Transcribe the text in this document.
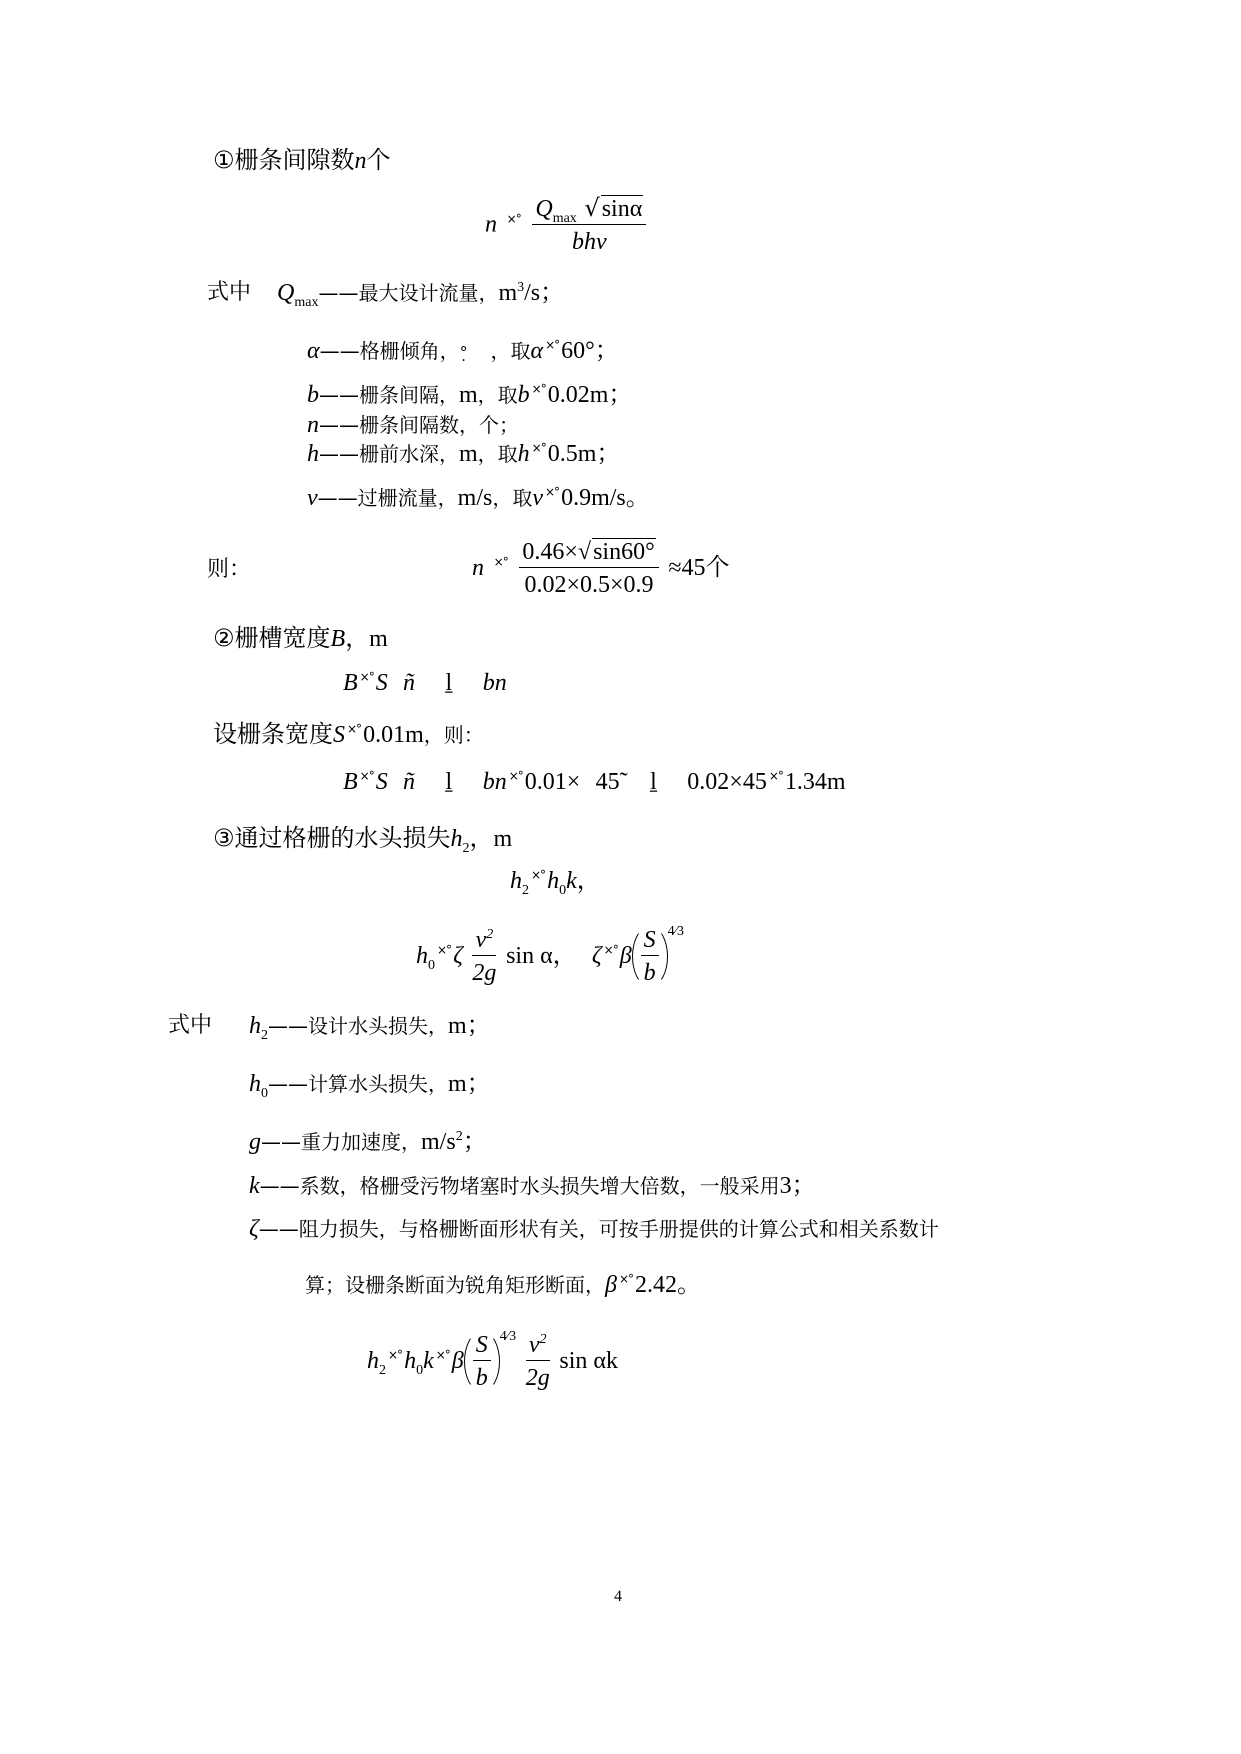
①栅条间隙数n个
n ×° $\frac{Q_{max} √\sin\alpha}{\text{bhv}}$
式中 $Q_{max}——$最大设计流量，$m^3/s$；
α——格栅倾角，°̣ ，取α ×°60°；
b——栅条间隔，m，取b ×°0.02m；
n——栅条间隔数，个；
h——栅前水深，m，取h ×°0.5m；
v——过栅流量，m/s，取v ×°0.9m/s。
则：	n ×° $\frac{0.46\times√\sin 60^\circ}{0.02\times 0.5\times 0.9} \approx 45$个
②栅槽宽度B，m
B ×°S ñ ḻ bn
设栅条宽度S ×°0.01m，则：
B ×°S ñ ḻ bn ×°0.01× 45̃ ḻ 0.02×45 ×°1.34m
③通过格栅的水头损失$h_2$，m
$h_2\times^\circ h_0k$，
$h_0\times^\circ\zeta \frac{v^2}{2g}$ sin α， $\zeta \times^\circ\beta \frac{S}{b} ^{4⁄3}$
式中 $h_2——$设计水头损失，m；
$h_0——$计算水头损失，m；
g——重力加速度，$m/s^2$；
k——系数，格栅受污物堵塞时水头损失增大倍数，一般采用3；
ζ——阻力损失，与格栅断面形状有关，可按手册提供的计算公式和相关系数计
算；设栅条断面为锐角矩形断面，β ×°2.42。
$h_2\times^\circ h_0k \times^\circ\beta \frac{S}{b} ^{4⁄3} \frac{v^2}{2g}$ sin αk
4
